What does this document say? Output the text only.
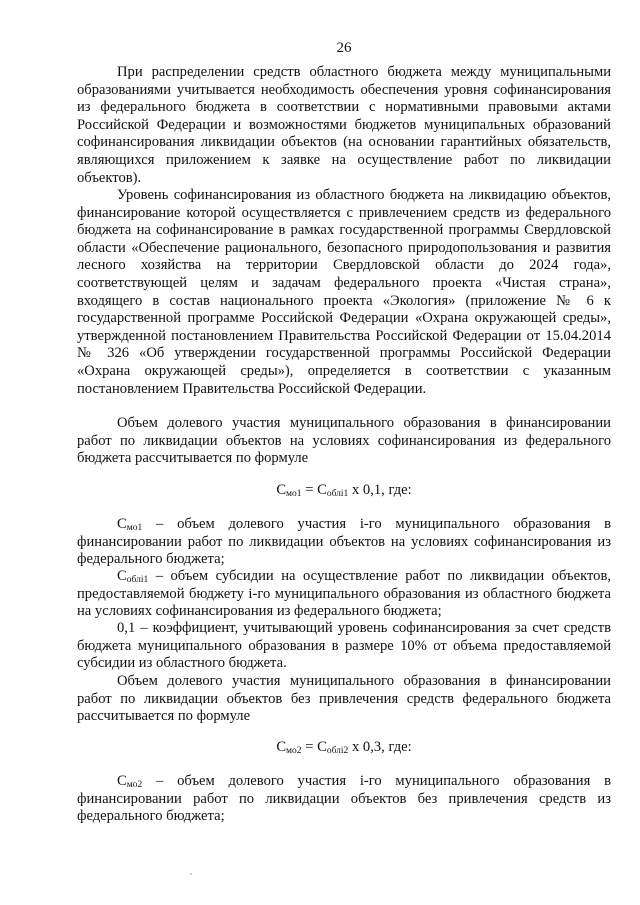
26

При распределении средств областного бюджета между муниципальными образованиями учитывается необходимость обеспечения уровня софинансирования из федерального бюджета в соответствии с нормативными правовыми актами Российской Федерации и возможностями бюджетов муниципальных образований софинансирования ликвидации объектов (на основании гарантийных обязательств, являющихся приложением к заявке на осуществление работ по ликвидации объектов).

Уровень софинансирования из областного бюджета на ликвидацию объектов, финансирование которой осуществляется с привлечением средств из федерального бюджета на софинансирование в рамках государственной программы Свердловской области «Обеспечение рационального, безопасного природопользования и развития лесного хозяйства на территории Свердловской области до 2024 года», соответствующей целям и задачам федерального проекта «Чистая страна», входящего в состав национального проекта «Экология» (приложение № 6 к государственной программе Российской Федерации «Охрана окружающей среды», утвержденной постановлением Правительства Российской Федерации от 15.04.2014 № 326 «Об утверждении государственной программы Российской Федерации «Охрана окружающей среды»), определяется в соответствии с указанным постановлением Правительства Российской Федерации.

Объем долевого участия муниципального образования в финансировании работ по ликвидации объектов на условиях софинансирования из федерального бюджета рассчитывается по формуле

$С_{мо1} = С_{облi1}$ х 0,1, где:

$С_{мо1}$ – объем долевого участия i-го муниципального образования в финансировании работ по ликвидации объектов на условиях софинансирования из федерального бюджета;

$С_{облi1}$ – объем субсидии на осуществление работ по ликвидации объектов, предоставляемой бюджету i-го муниципального образования из областного бюджета на условиях софинансирования из федерального бюджета;

0,1 – коэффициент, учитывающий уровень софинансирования за счет средств бюджета муниципального образования в размере 10% от объема предоставляемой субсидии из областного бюджета.

Объем долевого участия муниципального образования в финансировании работ по ликвидации объектов без привлечения средств федерального бюджета рассчитывается по формуле

$С_{мо2} = С_{облi2}$ х 0,3, где:

$С_{мо2}$ – объем долевого участия i-го муниципального образования в финансировании работ по ликвидации объектов без привлечения средств из федерального бюджета;
